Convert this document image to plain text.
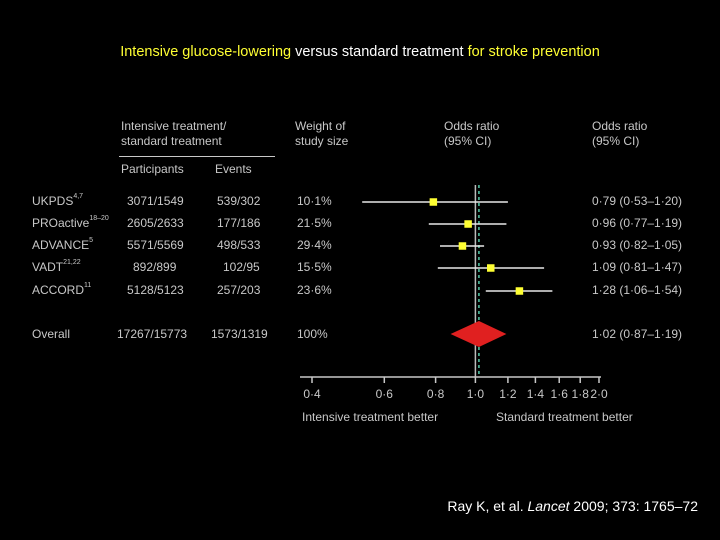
Intensive glucose-lowering versus standard treatment for stroke prevention
Intensive treatment/
standard treatment
Participants	Events
Weight of
study size
Odds ratio
(95% CI)
Odds ratio
(95% CI)
UKPDS$^{4,7}$	3071/1549	539/302	10·1%	0·79 (0·53–1·20)
PROactive$^{18-20}$ 2605/2633	177/186	21·5%	0·96 (0·77–1·19)
ADVANCE$^5$	5571/5569	498/533	29·4%	0·93 (0·82–1·05)
VADT$^{21,22}$	892/899	102/95	15·5%	1·09 (0·81–1·47)
ACCORD$^{11}$	5128/5123	257/203	23·6%	1·28 (1·06–1·54)
Overall	17267/15773 1573/1319 100%	1·02 (0·87–1·19)
0·4	0·6	0·8 1·0 1·2 1·4 1·6 1·8 2·0
Intensive treatment better	Standard treatment better
Ray K, et al. Lancet 2009; 373: 1765–72
